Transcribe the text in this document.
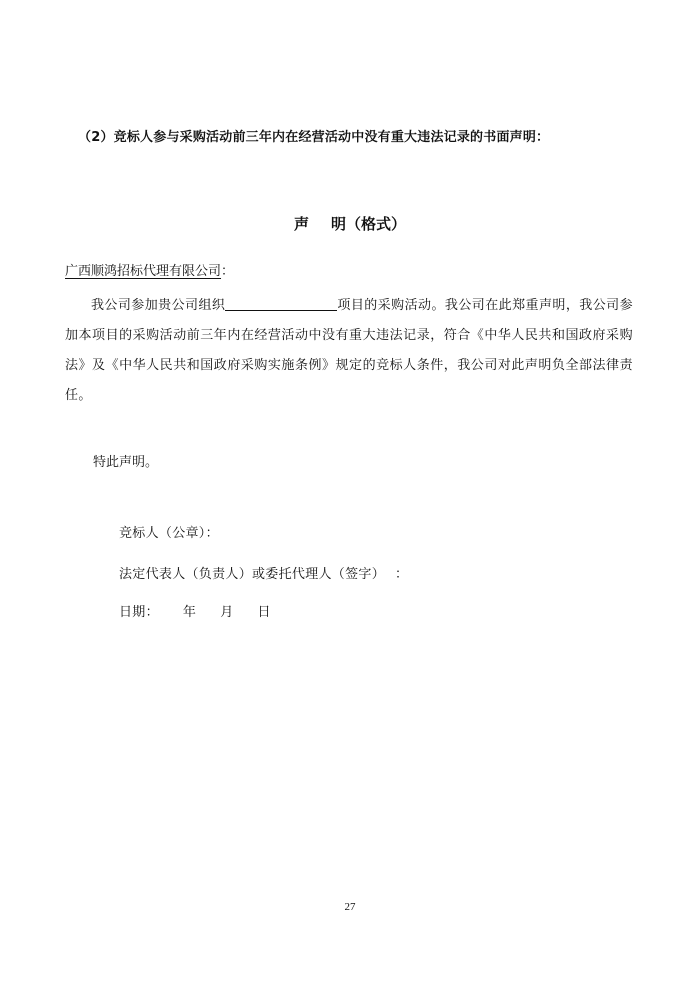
（2）竞标人参与采购活动前三年内在经营活动中没有重大违法记录的书面声明：
声 明（格式）
广西顺鸿招标代理有限公司：
我公司参加贵公司组织	项目的采购活动。我公司在此郑重声明，我公司参加本项目的采购活动前三年内在经营活动中没有重大违法记录，符合《中华人民共和国政府采购法》及《中华人民共和国政府采购实施条例》规定的竞标人条件，我公司对此声明负全部法律责任。
特此声明。
竞标人（公章）：
法定代表人（负责人）或委托代理人（签字） ：
日期： 年 月 日
27
